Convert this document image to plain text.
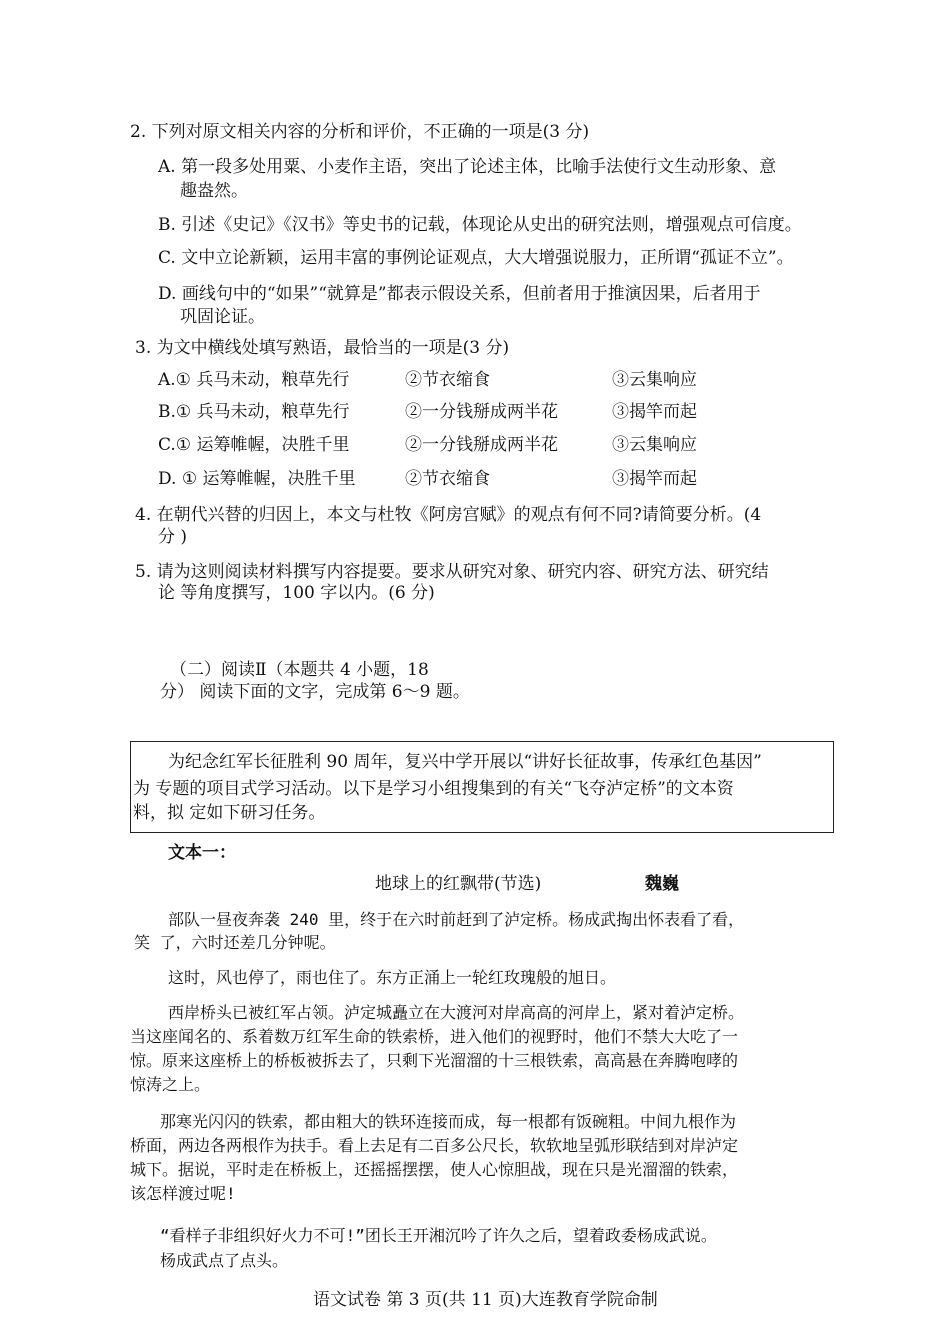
2. 下列对原文相关内容的分析和评价，不正确的一项是(3 分)
A. 第一段多处用粟、小麦作主语，突出了论述主体，比喻手法使行文生动形象、意
趣盎然。
B. 引述《史记》《汉书》等史书的记载，体现论从史出的研究法则，增强观点可信度。
C. 文中立论新颖，运用丰富的事例论证观点，大大增强说服力，正所谓“孤证不立”。
D. 画线句中的“如果”“就算是”都表示假设关系，但前者用于推演因果，后者用于
巩固论证。
3. 为文中横线处填写熟语，最恰当的一项是(3 分)
A.① 兵马未动，粮草先行	②节衣缩食	③云集响应
B.① 兵马未动，粮草先行	②一分钱掰成两半花	③揭竿而起
C.① 运筹帷幄，决胜千里	②一分钱掰成两半花	③云集响应
D. ① 运筹帷幄，决胜千里	②节衣缩食	③揭竿而起
4. 在朝代兴替的归因上，本文与杜牧《阿房宫赋》的观点有何不同?请简要分析。(4
分 )
5. 请为这则阅读材料撰写内容提要。要求从研究对象、研究内容、研究方法、研究结
论 等角度撰写，100 字以内。(6 分)
（二）阅读Ⅱ（本题共 4 小题，18
分） 阅读下面的文字，完成第 6～9 题。
为纪念红军长征胜利 90 周年，复兴中学开展以“讲好长征故事，传承红色基因”
为 专题的项目式学习活动。以下是学习小组搜集到的有关“飞夺泸定桥”的文本资
料，拟 定如下研习任务。
文本一：
地球上的红飘带(节选)	魏巍
部队一昼夜奔袭 240 里，终于在六时前赶到了泸定桥。杨成武掏出怀表看了看，
笑 了，六时还差几分钟呢。
这时，风也停了，雨也住了。东方正涌上一轮红玫瑰般的旭日。
西岸桥头已被红军占领。泸定城矗立在大渡河对岸高高的河岸上，紧对着泸定桥。
当这座闻名的、系着数万红军生命的铁索桥，进入他们的视野时，他们不禁大大吃了一
惊。原来这座桥上的桥板被拆去了，只剩下光溜溜的十三根铁索，高高悬在奔腾咆哮的
惊涛之上。
那寒光闪闪的铁索，都由粗大的铁环连接而成，每一根都有饭碗粗。中间九根作为
桥面，两边各两根作为扶手。看上去足有二百多公尺长，软软地呈弧形联结到对岸泸定
城下。据说，平时走在桥板上，还摇摇摆摆，使人心惊胆战，现在只是光溜溜的铁索，
该怎样渡过呢!
“看样子非组织好火力不可!”团长王开湘沉吟了许久之后，望着政委杨成武说。
杨成武点了点头。
语文试卷 第 3 页(共 11 页)大连教育学院命制
